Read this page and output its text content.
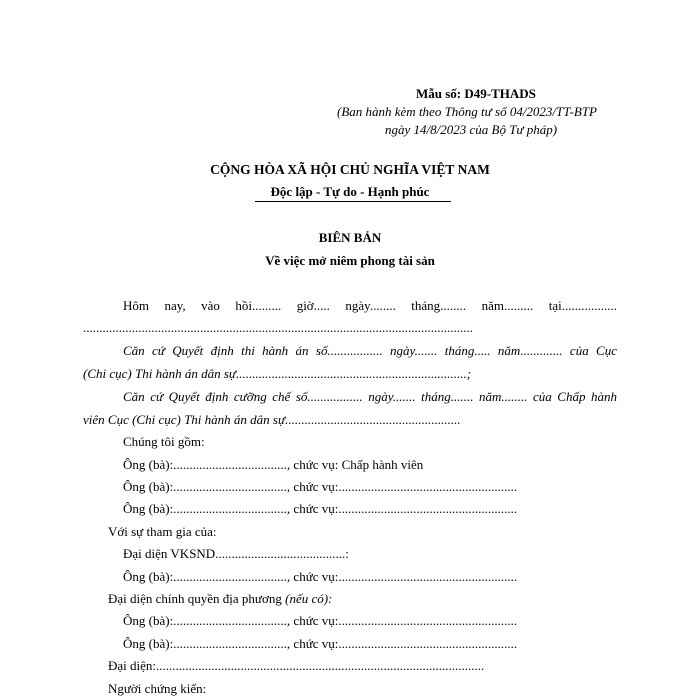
Mẫu số: D49-THADS
(Ban hành kèm theo Thông tư số 04/2023/TT-BTP
ngày 14/8/2023 của Bộ Tư pháp)
CỘNG HÒA XÃ HỘI CHỦ NGHĨA VIỆT NAM
Độc lập - Tự do - Hạnh phúc
BIÊN BẢN
Về việc mở niêm phong tài sản
Hôm nay, vào hồi......... giờ..... ngày........ tháng........ năm......... tại.................
........................................................................................................................
Căn cứ Quyết định thi hành án số................. ngày....... tháng..... năm............. của Cục
(Chi cục) Thi hành án dân sự.......................................................................;
Căn cứ Quyết định cưỡng chế số................. ngày....... tháng....... năm........ của Chấp hành
viên Cục (Chi cục) Thi hành án dân sự......................................................
Chúng tôi gồm:
Ông (bà):..................................., chức vụ: Chấp hành viên
Ông (bà):..................................., chức vụ:.......................................................
Ông (bà):..................................., chức vụ:.......................................................
Với sự tham gia của:
Đại diện VKSND........................................:
Ông (bà):..................................., chức vụ:.......................................................
Đại diện chính quyền địa phương (nếu có):
Ông (bà):..................................., chức vụ:.......................................................
Ông (bà):..................................., chức vụ:.......................................................
Đại diện:.....................................................................................................
Người chứng kiến:
